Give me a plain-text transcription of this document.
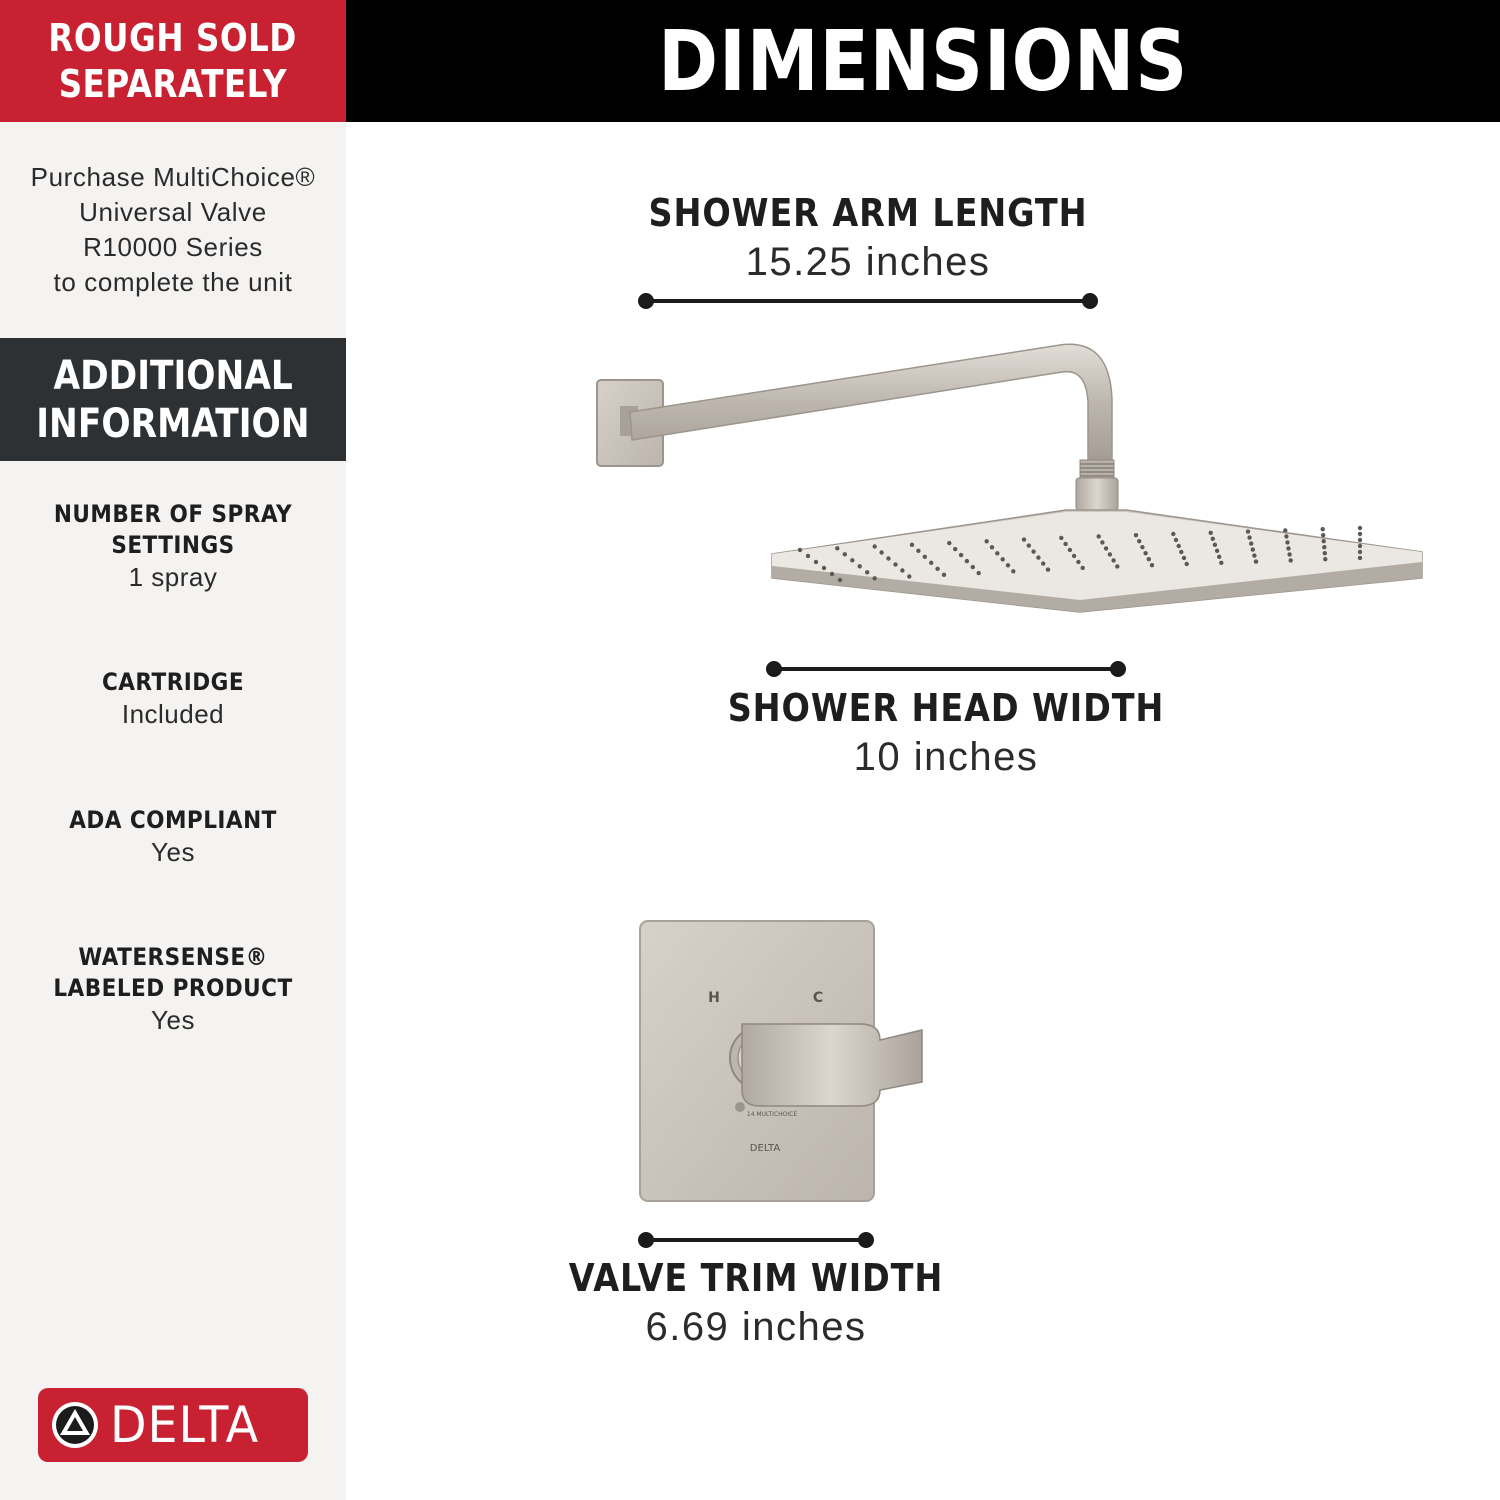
ROUGH SOLD
SEPARATELY
Purchase MultiChoice®
Universal Valve
R10000 Series
to complete the unit
ADDITIONAL
INFORMATION
NUMBER OF SPRAY
SETTINGS
1 spray
CARTRIDGE
Included
ADA COMPLIANT
Yes
WATERSENSE®
LABELED PRODUCT
Yes
DELTA
DIMENSIONS
H	C
14 MULTICHOICE
DELTA
SHOWER ARM LENGTH
15.25 inches
SHOWER HEAD WIDTH
10 inches
VALVE TRIM WIDTH
6.69 inches
